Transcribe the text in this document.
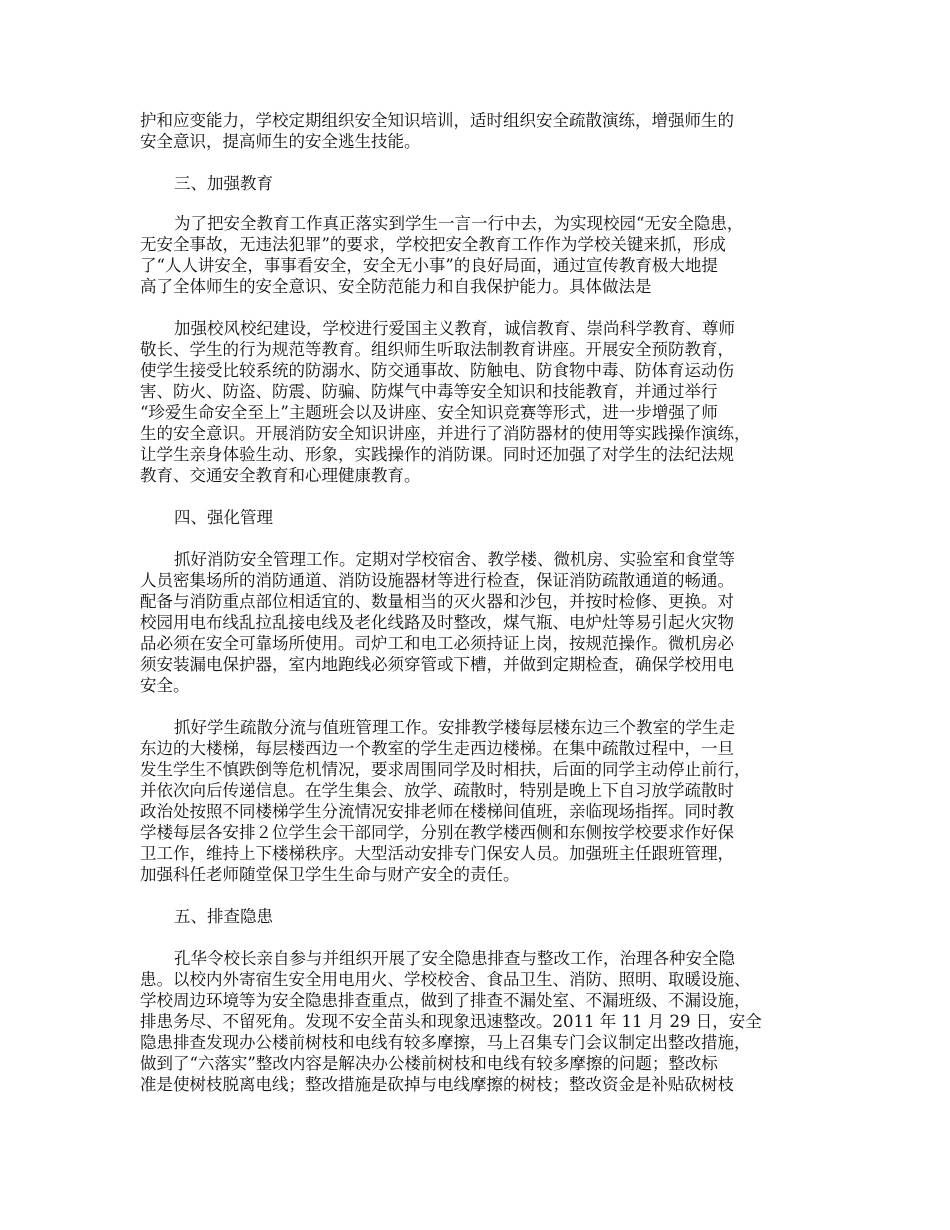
护和应变能力，学校定期组织安全知识培训，适时组织安全疏散演练，增强师生的
安全意识，提高师生的安全逃生技能。

三、加强教育

为了把安全教育工作真正落实到学生一言一行中去，为实现校园“无安全隐患，
无安全事故，无违法犯罪”的要求，学校把安全教育工作作为学校关键来抓，形成
了“人人讲安全，事事看安全，安全无小事”的良好局面，通过宣传教育极大地提
高了全体师生的安全意识、安全防范能力和自我保护能力。具体做法是

加强校风校纪建设，学校进行爱国主义教育，诚信教育、崇尚科学教育、尊师
敬长、学生的行为规范等教育。组织师生听取法制教育讲座。开展安全预防教育，
使学生接受比较系统的防溺水、防交通事故、防触电、防食物中毒、防体育运动伤
害、防火、防盗、防震、防骗、防煤气中毒等安全知识和技能教育，并通过举行
“珍爱生命安全至上”主题班会以及讲座、安全知识竞赛等形式，进一步增强了师
生的安全意识。开展消防安全知识讲座，并进行了消防器材的使用等实践操作演练，
让学生亲身体验生动、形象，实践操作的消防课。同时还加强了对学生的法纪法规
教育、交通安全教育和心理健康教育。

四、强化管理

抓好消防安全管理工作。定期对学校宿舍、教学楼、微机房、实验室和食堂等
人员密集场所的消防通道、消防设施器材等进行检查，保证消防疏散通道的畅通。
配备与消防重点部位相适宜的、数量相当的灭火器和沙包，并按时检修、更换。对
校园用电布线乱拉乱接电线及老化线路及时整改，煤气瓶、电炉灶等易引起火灾物
品必须在安全可靠场所使用。司炉工和电工必须持证上岗，按规范操作。微机房必
须安装漏电保护器，室内地跑线必须穿管或下槽，并做到定期检查，确保学校用电
安全。

抓好学生疏散分流与值班管理工作。安排教学楼每层楼东边三个教室的学生走
东边的大楼梯，每层楼西边一个教室的学生走西边楼梯。在集中疏散过程中，一旦
发生学生不慎跌倒等危机情况，要求周围同学及时相扶，后面的同学主动停止前行，
并依次向后传递信息。在学生集会、放学、疏散时，特别是晚上下自习放学疏散时
政治处按照不同楼梯学生分流情况安排老师在楼梯间值班，亲临现场指挥。同时教
学楼每层各安排２位学生会干部同学，分别在教学楼西侧和东侧按学校要求作好保
卫工作，维持上下楼梯秩序。大型活动安排专门保安人员。加强班主任跟班管理，
加强科任老师随堂保卫学生生命与财产安全的责任。

五、排查隐患

孔华令校长亲自参与并组织开展了安全隐患排查与整改工作，治理各种安全隐
患。以校内外寄宿生安全用电用火、学校校舍、食品卫生、消防、照明、取暖设施、
学校周边环境等为安全隐患排查重点，做到了排查不漏处室、不漏班级、不漏设施，
排患务尽、不留死角。发现不安全苗头和现象迅速整改。2011 年 11 月 29 日，安全
隐患排查发现办公楼前树枝和电线有较多摩擦，马上召集专门会议制定出整改措施，
做到了“六落实”整改内容是解决办公楼前树枝和电线有较多摩擦的问题；整改标
准是使树枝脱离电线；整改措施是砍掉与电线摩擦的树枝；整改资金是补贴砍树枝
